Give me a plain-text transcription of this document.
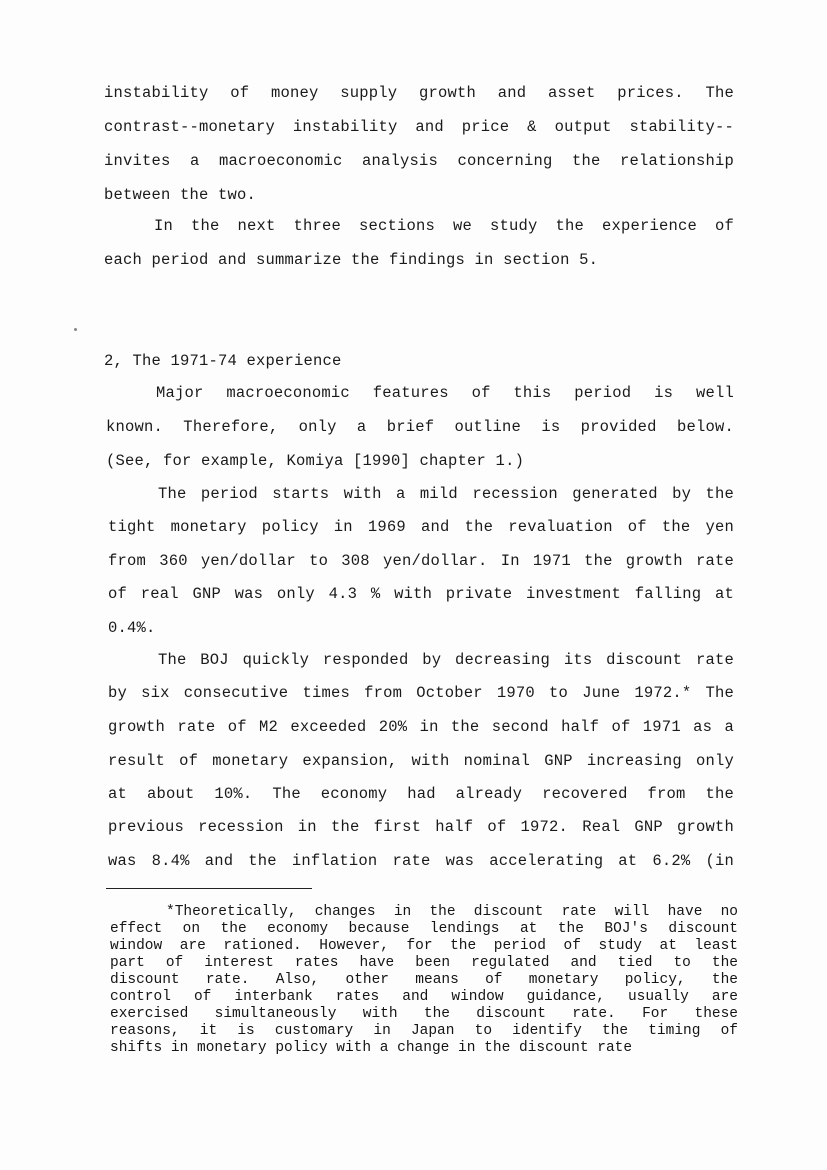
instability of money supply growth and asset prices. The
contrast--monetary instability and price & output stability--
invites a macroeconomic analysis concerning the relationship
between the two.
In the next three sections we study the experience of
each period and summarize the findings in section 5.
2, The 1971-74 experience
Major macroeconomic features of this period is well
known. Therefore, only a brief outline is provided below.
(See, for example, Komiya [1990] chapter 1.)
The period starts with a mild recession generated by the
tight monetary policy in 1969 and the revaluation of the yen
from 360 yen/dollar to 308 yen/dollar. In 1971 the growth rate
of real GNP was only 4.3 % with private investment falling at
0.4%.
The BOJ quickly responded by decreasing its discount rate
by six consecutive times from October 1970 to June 1972.* The
growth rate of M2 exceeded 20% in the second half of 1971 as a
result of monetary expansion, with nominal GNP increasing only
at about 10%. The economy had already recovered from the
previous recession in the first half of 1972. Real GNP growth
was 8.4% and the inflation rate was accelerating at 6.2% (in
*Theoretically, changes in the discount rate will have no
effect on the economy because lendings at the BOJ's discount
window are rationed. However, for the period of study at least
part of interest rates have been regulated and tied to the
discount rate. Also, other means of monetary policy, the
control of interbank rates and window guidance, usually are
exercised simultaneously with the discount rate. For these
reasons, it is customary in Japan to identify the timing of
shifts in monetary policy with a change in the discount rate
